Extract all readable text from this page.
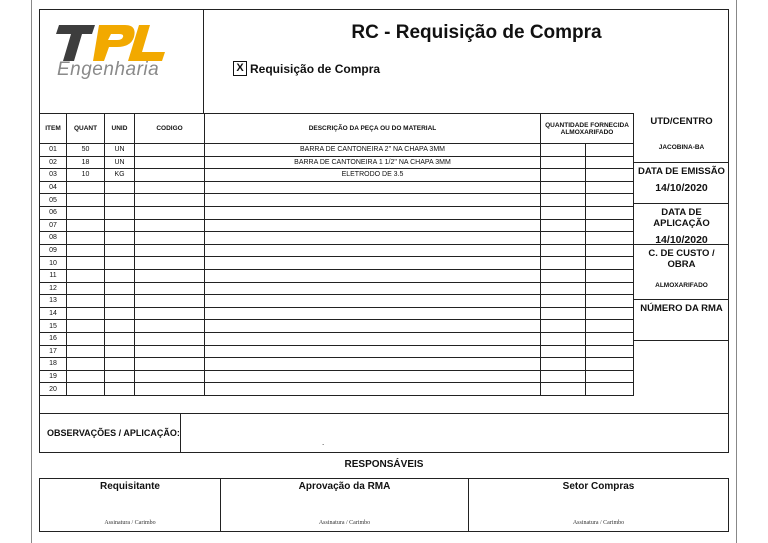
Engenharia
RC - Requisição de Compra
X Requisição de Compra
ITEM	QUANT	UNID	CODIGO	DESCRIÇÃO DA PEÇA OU DO MATERIAL	QUANTIDADE FORNECIDA ALMOXARIFADO	
01	50	UN		BARRA DE CANTONEIRA 2" NA CHAPA 3MM		
02	18	UN		BARRA DE CANTONEIRA 1 1/2" NA CHAPA 3MM		
03	10	KG		ELETRODO DE 3.5		
04						
05						
06						
07						
08						
09						
10						
11						
12						
13						
14						
15						
16						
17						
18						
19						
20						
UTD/CENTRO
JACOBINA-BA
DATA DE EMISSÃO
14/10/2020
DATA DE APLICAÇÃO
14/10/2020
C. DE CUSTO / OBRA
ALMOXARIFADO
NÚMERO DA RMA
OBSERVAÇÕES / APLICAÇÃO:
.
RESPONSÁVEIS
Requisitante
Assinatura / Carimbo
Aprovação da RMA
Assinatura / Carimbo
Setor Compras
Assinatura / Carimbo
